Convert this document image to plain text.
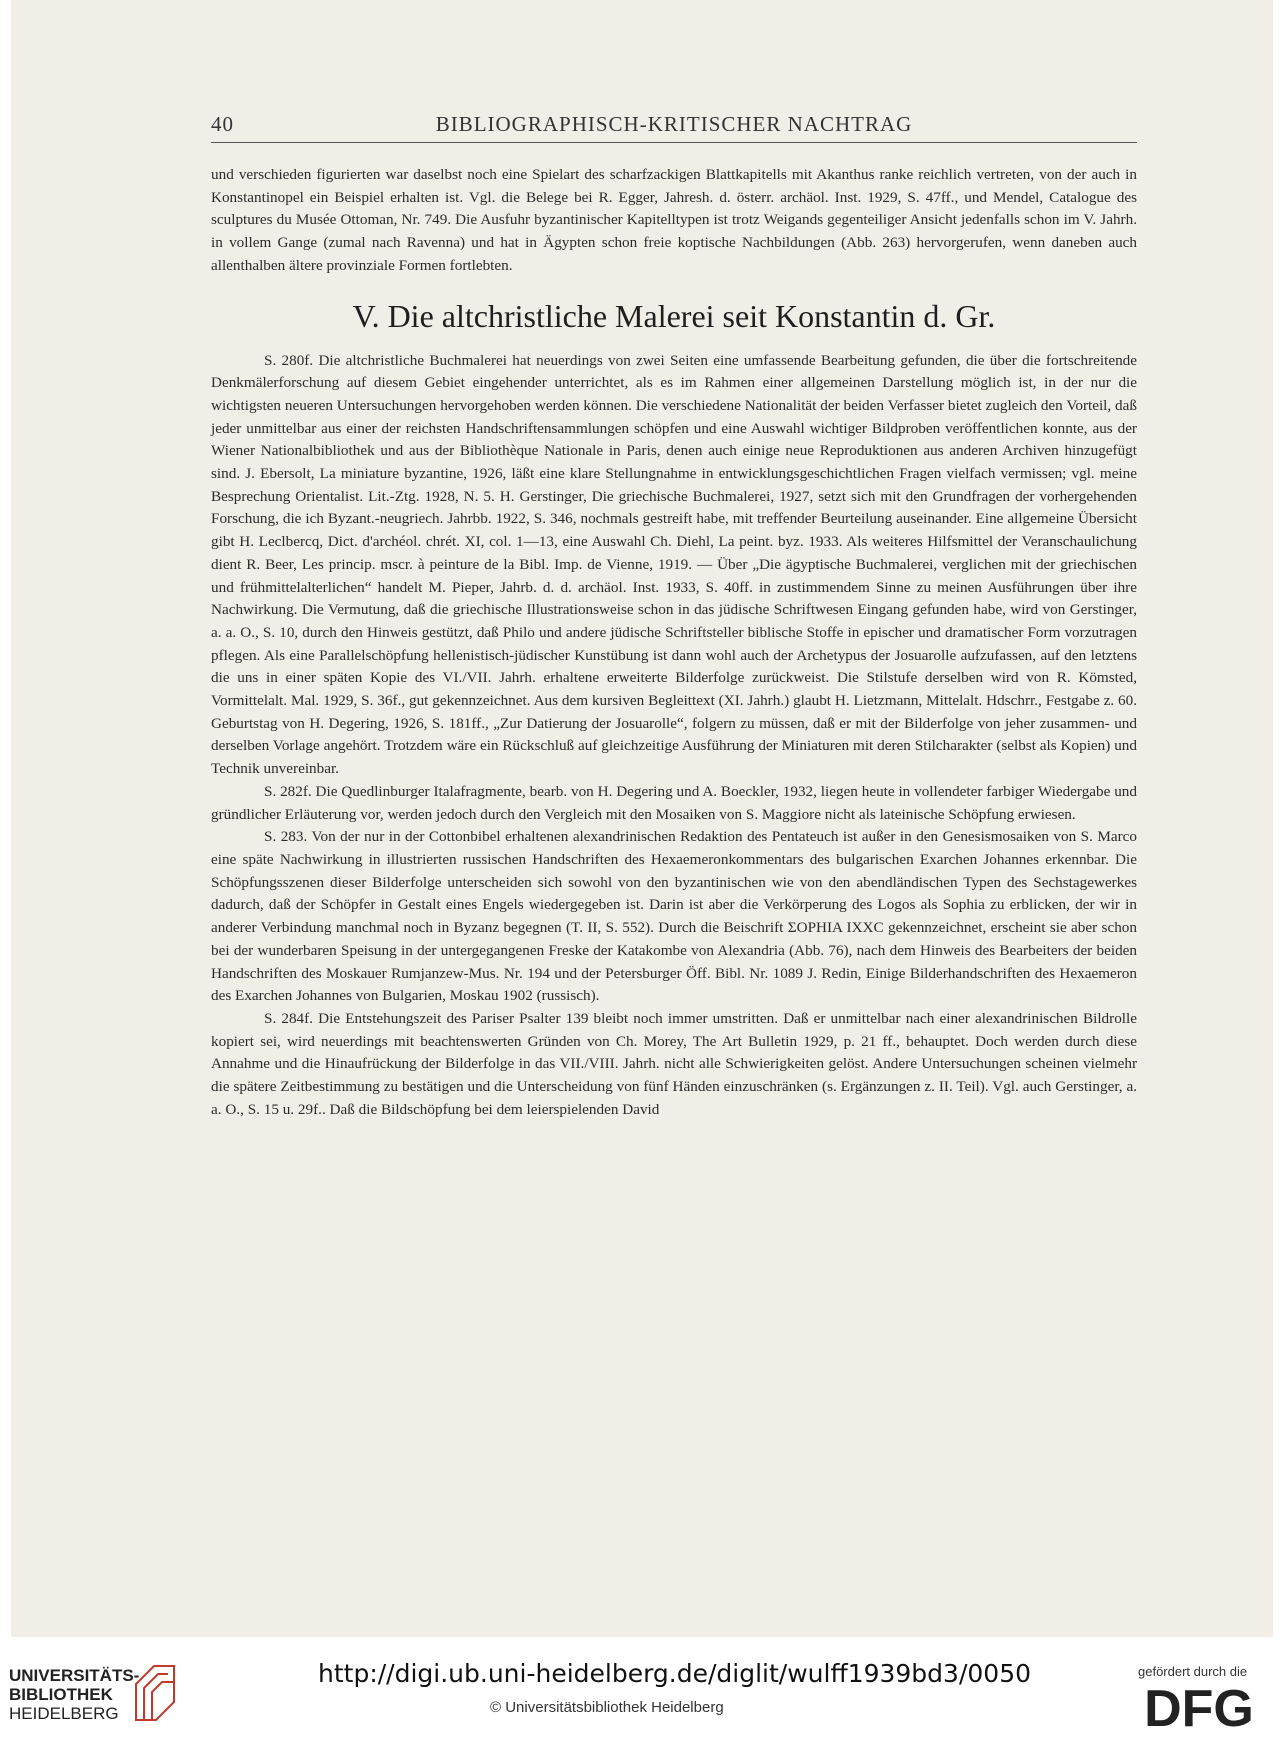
40	BIBLIOGRAPHISCH-KRITISCHER NACHTRAG

und verschieden figurierten war daselbst noch eine Spielart des scharfzackigen Blattkapitells mit Akanthus ranke reichlich vertreten, von der auch in Konstantinopel ein Beispiel erhalten ist. Vgl. die Belege bei R. Egger, Jahresh. d. österr. archäol. Inst. 1929, S. 47ff., und Mendel, Catalogue des sculptures du Musée Ottoman, Nr. 749. Die Ausfuhr byzantinischer Kapitelltypen ist trotz Weigands gegenteiliger Ansicht jedenfalls schon im V. Jahrh. in vollem Gange (zumal nach Ravenna) und hat in Ägypten schon freie koptische Nachbildungen (Abb. 263) hervorgerufen, wenn daneben auch allenthalben ältere provinziale Formen fortlebten.

V. Die altchristliche Malerei seit Konstantin d. Gr.

S. 280f. Die altchristliche Buchmalerei hat neuerdings von zwei Seiten eine umfassende Bearbeitung gefunden, die über die fortschreitende Denkmälerforschung auf diesem Gebiet eingehender unterrichtet, als es im Rahmen einer allgemeinen Darstellung möglich ist, in der nur die wichtigsten neueren Untersuchungen hervorgehoben werden können. Die verschiedene Nationalität der beiden Verfasser bietet zugleich den Vorteil, daß jeder unmittelbar aus einer der reichsten Handschriftensammlungen schöpfen und eine Auswahl wichtiger Bildproben veröffentlichen konnte, aus der Wiener Nationalbibliothek und aus der Bibliothèque Nationale in Paris, denen auch einige neue Reproduktionen aus anderen Archiven hinzugefügt sind. J. Ebersolt, La miniature byzantine, 1926, läßt eine klare Stellungnahme in entwicklungsgeschichtlichen Fragen vielfach vermissen; vgl. meine Besprechung Orientalist. Lit.-Ztg. 1928, N. 5. H. Gerstinger, Die griechische Buchmalerei, 1927, setzt sich mit den Grundfragen der vorhergehenden Forschung, die ich Byzant.-neugriech. Jahrbb. 1922, S. 346, nochmals gestreift habe, mit treffender Beurteilung auseinander. Eine allgemeine Übersicht gibt H. Leclbercq, Dict. d'archéol. chrét. XI, col. 1—13, eine Auswahl Ch. Diehl, La peint. byz. 1933. Als weiteres Hilfsmittel der Veranschaulichung dient R. Beer, Les princip. mscr. à peinture de la Bibl. Imp. de Vienne, 1919. — Über „Die ägyptische Buchmalerei, verglichen mit der griechischen und frühmittelalterlichen“ handelt M. Pieper, Jahrb. d. d. archäol. Inst. 1933, S. 40ff. in zustimmendem Sinne zu meinen Ausführungen über ihre Nachwirkung. Die Vermutung, daß die griechische Illustrationsweise schon in das jüdische Schriftwesen Eingang gefunden habe, wird von Gerstinger, a. a. O., S. 10, durch den Hinweis gestützt, daß Philo und andere jüdische Schriftsteller biblische Stoffe in epischer und dramatischer Form vorzutragen pflegen. Als eine Parallelschöpfung hellenistisch-jüdischer Kunstübung ist dann wohl auch der Archetypus der Josuarolle aufzufassen, auf den letztens die uns in einer späten Kopie des VI./VII. Jahrh. erhaltene erweiterte Bilderfolge zurückweist. Die Stilstufe derselben wird von R. Kömsted, Vormittelalt. Mal. 1929, S. 36f., gut gekennzeichnet. Aus dem kursiven Begleittext (XI. Jahrh.) glaubt H. Lietzmann, Mittelalt. Hdschrr., Festgabe z. 60. Geburtstag von H. Degering, 1926, S. 181ff., „Zur Datierung der Josuarolle“, folgern zu müssen, daß er mit der Bilderfolge von jeher zusammen- und derselben Vorlage angehört. Trotzdem wäre ein Rückschluß auf gleichzeitige Ausführung der Miniaturen mit deren Stilcharakter (selbst als Kopien) und Technik unvereinbar.

S. 282f. Die Quedlinburger Italafragmente, bearb. von H. Degering und A. Boeckler, 1932, liegen heute in vollendeter farbiger Wiedergabe und gründlicher Erläuterung vor, werden jedoch durch den Vergleich mit den Mosaiken von S. Maggiore nicht als lateinische Schöpfung erwiesen.

S. 283. Von der nur in der Cottonbibel erhaltenen alexandrinischen Redaktion des Pentateuch ist außer in den Genesismosaiken von S. Marco eine späte Nachwirkung in illustrierten russischen Handschriften des Hexaemeronkommentars des bulgarischen Exarchen Johannes erkennbar. Die Schöpfungsszenen dieser Bilderfolge unterscheiden sich sowohl von den byzantinischen wie von den abendländischen Typen des Sechstagewerkes dadurch, daß der Schöpfer in Gestalt eines Engels wiedergegeben ist. Darin ist aber die Verkörperung des Logos als Sophia zu erblicken, der wir in anderer Verbindung manchmal noch in Byzanz begegnen (T. II, S. 552). Durch die Beischrift ΣOPHIA IXXC gekennzeichnet, erscheint sie aber schon bei der wunderbaren Speisung in der untergegangenen Freske der Katakombe von Alexandria (Abb. 76), nach dem Hinweis des Bearbeiters der beiden Handschriften des Moskauer Rumjanzew-Mus. Nr. 194 und der Petersburger Öff. Bibl. Nr. 1089 J. Redin, Einige Bilderhandschriften des Hexaemeron des Exarchen Johannes von Bulgarien, Moskau 1902 (russisch).

S. 284f. Die Entstehungszeit des Pariser Psalter 139 bleibt noch immer umstritten. Daß er unmittelbar nach einer alexandrinischen Bildrolle kopiert sei, wird neuerdings mit beachtenswerten Gründen von Ch. Morey, The Art Bulletin 1929, p. 21 ff., behauptet. Doch werden durch diese Annahme und die Hinaufrückung der Bilderfolge in das VII./VIII. Jahrh. nicht alle Schwierigkeiten gelöst. Andere Untersuchungen scheinen vielmehr die spätere Zeitbestimmung zu bestätigen und die Unterscheidung von fünf Händen einzuschränken (s. Ergänzungen z. II. Teil). Vgl. auch Gerstinger, a. a. O., S. 15 u. 29f.. Daß die Bildschöpfung bei dem leierspielenden David

UNIVERSITÄTS-
BIBLIOTHEK
HEIDELBERG
http://digi.ub.uni-heidelberg.de/diglit/wulff1939bd3/0050
© Universitätsbibliothek Heidelberg
gefördert durch die
DFG
